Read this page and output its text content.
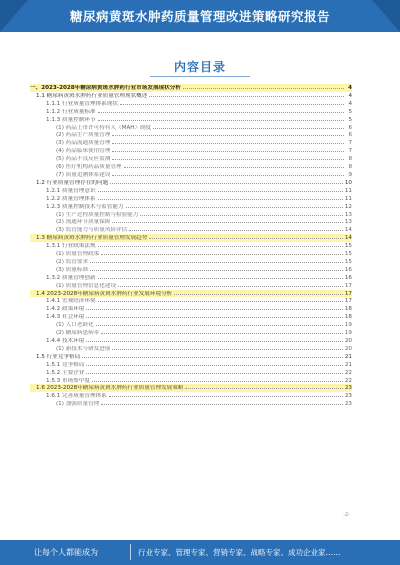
糖尿病黄斑水肿药质量管理改进策略研究报告
内容目录
一、2023-2028年糖尿病黄斑水肿药行业市场发展现状分析	4
1.1 糖尿病黄斑水肿药行业质量管理现状概述	4
1.1.1 行业质量管理体系现状	4
1.1.2 行业质量标准	5
1.1.3 质量控制环节	5
(1) 药品上市许可持有人（MAH）制度	6
(2) 药品生产质量管理	6
(3) 药品流通质量管理	7
(4) 药品临床使用管理	7
(5) 药品不良反应监测	8
(6) 医疗机构药品质量管理	8
(7) 质量追溯体系建设	9
1.2 行业质量管理存在的问题	10
1.2.1 质量管理意识	11
1.2.2 质量管理体系	11
1.2.3 质量控制技术与监管能力	12
(1) 生产过程质量控制与检验能力	13
(2) 流通环节质量保障	13
(3) 监管能力与质量风险评估	14
1.3 糖尿病黄斑水肿药行业质量管理发展趋势	14
1.3.1 行业政策法规	15
(1) 质量管理政策	15
(2) 监管要求	15
(3) 质量标准	16
1.3.2 质量管理创新	16
(1) 质量管理信息化建设	17
1.4 2023-2028年糖尿病黄斑水肿药行业发展环境分析	17
1.4.1 宏观经济环境	17
1.4.2 政策环境	18
1.4.3 社会环境	18
(1) 人口老龄化	19
(2) 糖尿病患病率	19
1.4.4 技术环境	20
(1) 新技术与研发进展	20
1.5 行业竞争格局	21
1.5.1 竞争格局	21
1.5.2 主要企业	22
1.5.3 市场集中度	22
1.6 2023-2028年糖尿病黄斑水肿药行业质量管理发展策略	23
1.6.1 完善质量管理体系	23
(1) 加强质量管理	23
-2-
让每个人都能成为	行业专家、管理专家、营销专家、战略专家、成功企业家……
